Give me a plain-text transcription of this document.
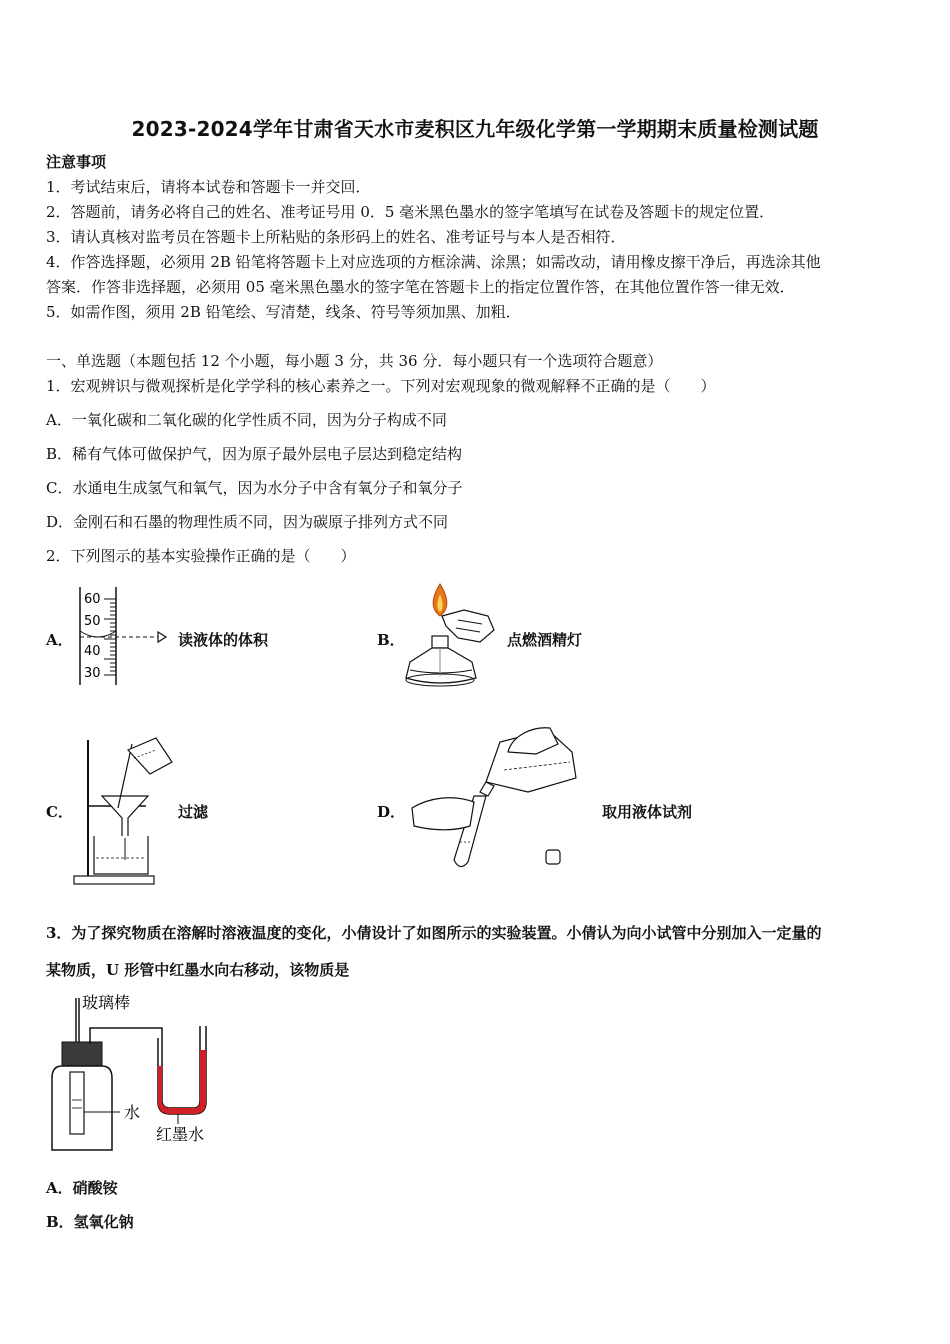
2023-2024学年甘肃省天水市麦积区九年级化学第一学期期末质量检测试题
注意事项
1．考试结束后，请将本试卷和答题卡一并交回．
2．答题前，请务必将自己的姓名、准考证号用 0．5 毫米黑色墨水的签字笔填写在试卷及答题卡的规定位置．
3．请认真核对监考员在答题卡上所粘贴的条形码上的姓名、准考证号与本人是否相符．
4．作答选择题，必须用 2B 铅笔将答题卡上对应选项的方框涂满、涂黑；如需改动，请用橡皮擦干净后，再选涂其他
答案．作答非选择题，必须用 05 毫米黑色墨水的签字笔在答题卡上的指定位置作答，在其他位置作答一律无效．
5．如需作图，须用 2B 铅笔绘、写清楚，线条、符号等须加黑、加粗．
一、单选题（本题包括 12 个小题，每小题 3 分，共 36 分．每小题只有一个选项符合题意）
1．宏观辨识与微观探析是化学学科的核心素养之一。下列对宏观现象的微观解释不正确的是（　　）
A．一氧化碳和二氧化碳的化学性质不同，因为分子构成不同
B．稀有气体可做保护气，因为原子最外层电子层达到稳定结构
C．水通电生成氢气和氧气，因为水分子中含有氧分子和氧分子
D．金刚石和石墨的物理性质不同，因为碳原子排列方式不同
2．下列图示的基本实验操作正确的是（　　）
A．
60
50
40
30
读液体的体积	B．	点燃酒精灯
C．	过滤	D．	取用液体试剂
3．为了探究物质在溶解时溶液温度的变化，小倩设计了如图所示的实验装置。小倩认为向小试管中分别加入一定量的
某物质，U 形管中红墨水向右移动，该物质是
玻璃棒
水
红墨水
A．硝酸铵
B．氢氧化钠
